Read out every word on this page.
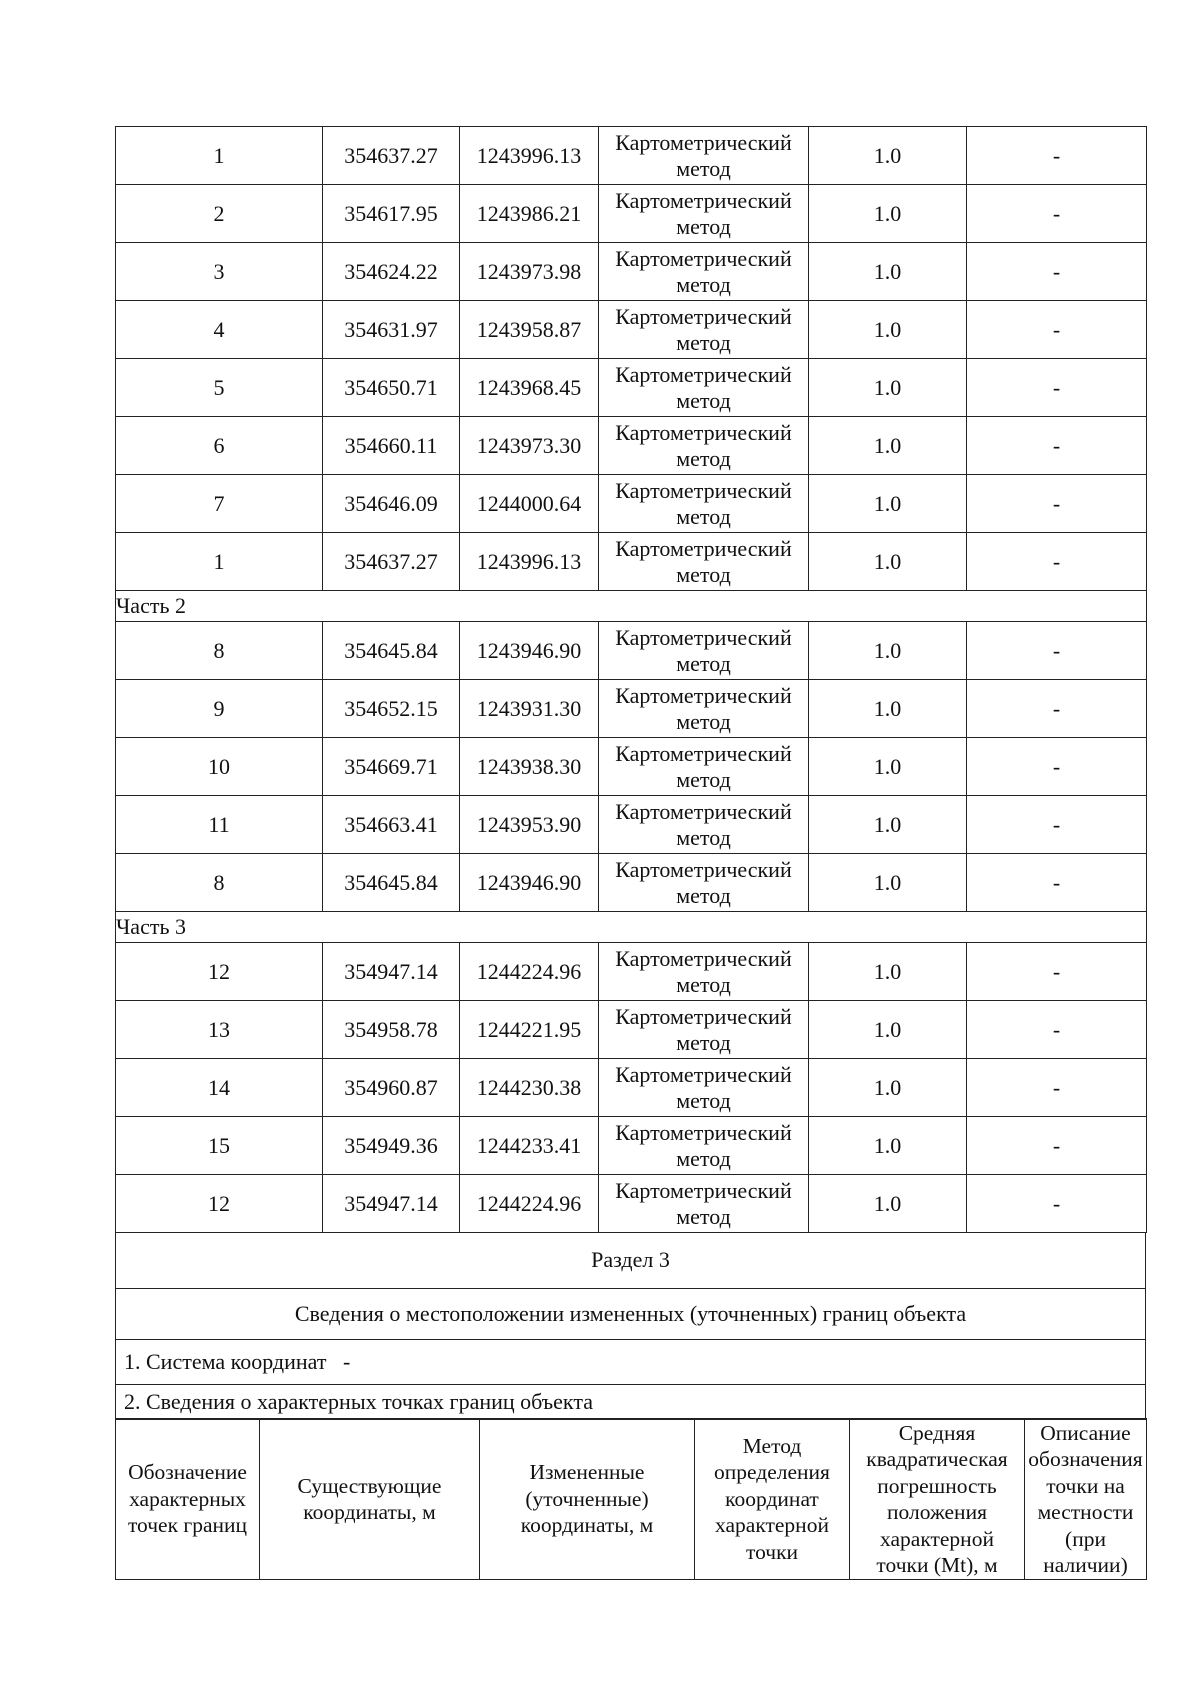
1	354637.27	1243996.13	Картометрический метод	1.0	-
2	354617.95	1243986.21	Картометрический метод	1.0	-
3	354624.22	1243973.98	Картометрический метод	1.0	-
4	354631.97	1243958.87	Картометрический метод	1.0	-
5	354650.71	1243968.45	Картометрический метод	1.0	-
6	354660.11	1243973.30	Картометрический метод	1.0	-
7	354646.09	1244000.64	Картометрический метод	1.0	-
1	354637.27	1243996.13	Картометрический метод	1.0	-
Часть 2					
8	354645.84	1243946.90	Картометрический метод	1.0	-
9	354652.15	1243931.30	Картометрический метод	1.0	-
10	354669.71	1243938.30	Картометрический метод	1.0	-
11	354663.41	1243953.90	Картометрический метод	1.0	-
8	354645.84	1243946.90	Картометрический метод	1.0	-
Часть 3					
12	354947.14	1244224.96	Картометрический метод	1.0	-
13	354958.78	1244221.95	Картометрический метод	1.0	-
14	354960.87	1244230.38	Картометрический метод	1.0	-
15	354949.36	1244233.41	Картометрический метод	1.0	-
12	354947.14	1244224.96	Картометрический метод	1.0	-
Раздел 3
Сведения о местоположении измененных (уточненных) границ объекта
1. Система координат   -
2. Сведения о характерных точках границ объекта
Обозначение характерных точек границ	Существующие координаты, м	Измененные (уточненные) координаты, м	Метод определения координат характерной точки	Средняя квадратическая погрешность положения характерной точки (Mt), м	Описание обозначения точки на местности (при наличии)
